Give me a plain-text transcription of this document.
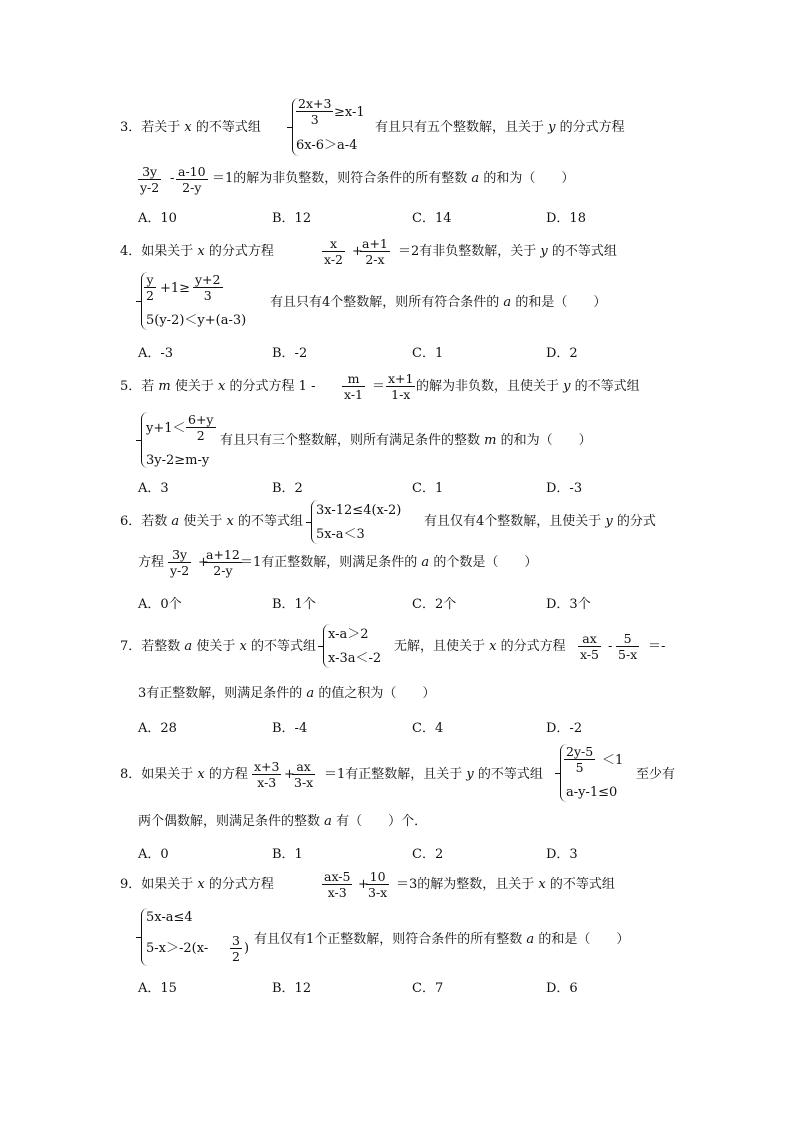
3．若关于 x 的不等式组
$\frac{2x+3}{3} \ge x-1$
6x-6＞a-4
有且只有五个整数解，且关于 y 的分式方程
$\frac{3y}{y-2} - \frac{a-10}{2-y} =1$的解为非负整数，则符合条件的所有整数 a 的和为（　　）
A．10	B．12	C．14	D．18
4．如果关于 x 的分式方程	$\frac{x}{x-2}$ +
$\frac{a+1}{2-x} =2$有非负整数解，关于 y 的不等式组
$\frac{y}{2} +1\ge \frac{y+2}{3}$
5(y-2)＜y+(a-3)
有且只有4个整数解，则所有符合条件的 a 的和是（　　）
A．-3	B．-2	C．1	D．2
5．若 m 使关于 x 的分式方程 $1 - \frac{m}{x-1} = \frac{x+1}{1-x}$ 的解为非负数，且使关于 y 的不等式组
$y+1< \frac{6+y}{2}$
3y-2≥m-y
有且只有三个整数解，则所有满足条件的整数 m 的和为（　　）
A．3	B．2	C．1	D．-3
6．若数 a 使关于 x 的不等式组
3x-12≤4(x-2)
5x-a＜3
有且仅有4个整数解，且使关于 y 的分式
方程 $\frac{3y}{y-2}$ +
$\frac{a+12}{2-y}$
＝1有正整数解，则满足条件的 a 的个数是（　　）
A．0个	B．1个	C．2个	D．3个
7．若整数 a 使关于 x 的不等式组
x-a＞2
x-3a＜-2
无解，且使关于 x 的分式方程 $\frac{ax}{x-5} - \frac{5}{5-x}$ ＝-
3有正整数解，则满足条件的 a 的值之积为（　　）
A．28	B．-4	C．4	D．-2
8．如果关于 x 的方程 $\frac{x+3}{x-3}$ +
$\frac{ax}{3-x} =1$有正整数解，且关于 y 的不等式组 $\frac{2y-5}{5} <1$
a-y-1≤0
至少有
两个偶数解，则满足条件的整数 a 有（　　）个．
A．0	B．1	C．2	D．3
9．如果关于 x 的分式方程	$\frac{ax-5}{x-3}$ +
$\frac{10}{3-x} =3$的解为整数，且关于 x 的不等式组
5x-a≤4
$5-x>-2(x- \frac{3}{2}$ )
有且仅有1个正整数解，则符合条件的所有整数 a 的和是（　　）
A．15	B．12	C．7	D．6
